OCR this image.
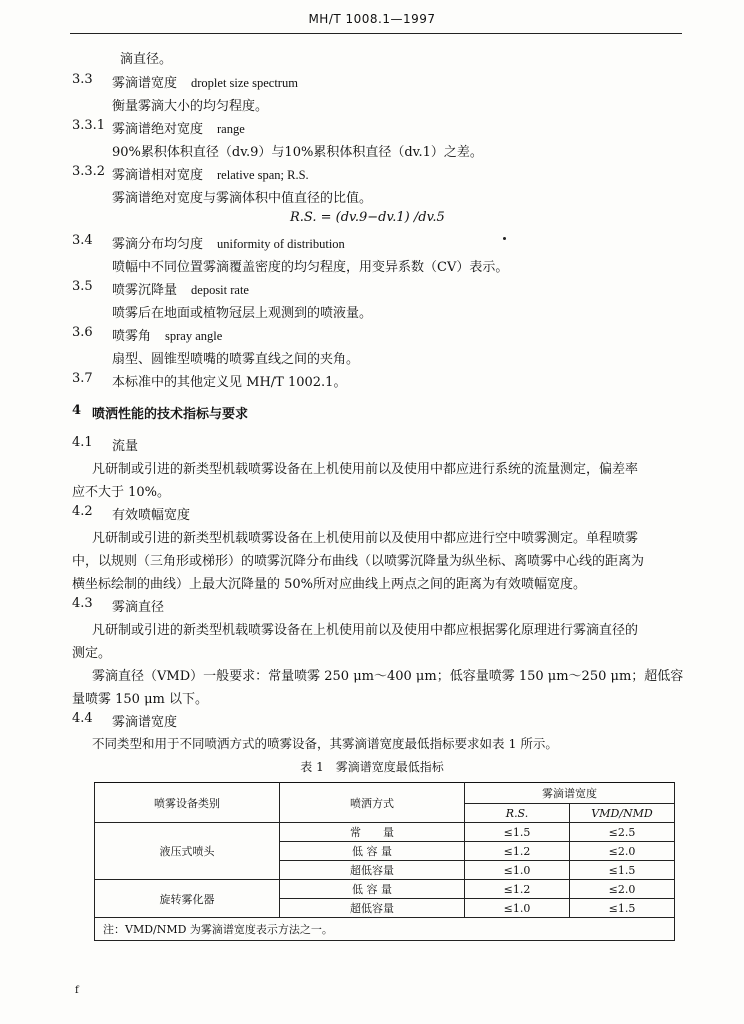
MH/T 1008.1—1997
滴直径。
3.3 雾滴谱宽度 droplet size spectrum
衡量雾滴大小的均匀程度。
3.3.1 雾滴谱绝对宽度 range
90%累积体积直径（dv.9）与10%累积体积直径（dv.1）之差。
3.3.2 雾滴谱相对宽度 relative span; R.S.
雾滴谱绝对宽度与雾滴体积中值直径的比值。
R.S. = (dv.9−dv.1) /dv.5
3.4 雾滴分布均匀度 uniformity of distribution
喷幅中不同位置雾滴覆盖密度的均匀程度，用变异系数（CV）表示。
3.5 喷雾沉降量 deposit rate
喷雾后在地面或植物冠层上观测到的喷液量。
3.6 喷雾角 spray angle
扇型、圆锥型喷嘴的喷雾直线之间的夹角。
3.7 本标准中的其他定义见 MH/T 1002.1。
4 喷洒性能的技术指标与要求
4.1 流量
凡研制或引进的新类型机载喷雾设备在上机使用前以及使用中都应进行系统的流量测定，偏差率
应不大于 10%。
4.2 有效喷幅宽度
凡研制或引进的新类型机载喷雾设备在上机使用前以及使用中都应进行空中喷雾测定。单程喷雾
中，以规则（三角形或梯形）的喷雾沉降分布曲线（以喷雾沉降量为纵坐标、离喷雾中心线的距离为
横坐标绘制的曲线）上最大沉降量的 50%所对应曲线上两点之间的距离为有效喷幅宽度。
4.3 雾滴直径
凡研制或引进的新类型机载喷雾设备在上机使用前以及使用中都应根据雾化原理进行雾滴直径的
测定。
雾滴直径（VMD）一般要求：常量喷雾 250 μm～400 μm；低容量喷雾 150 μm～250 μm；超低容
量喷雾 150 μm 以下。
4.4 雾滴谱宽度
不同类型和用于不同喷洒方式的喷雾设备，其雾滴谱宽度最低指标要求如表 1 所示。
表 1　雾滴谱宽度最低指标
喷雾设备类别	喷洒方式	雾滴谱宽度	
		R.S.	VMD/NMD
液压式喷头	常　　量	≤1.5	≤2.5
	低 容 量	≤1.2	≤2.0
	超低容量	≤1.0	≤1.5
旋转雾化器	低 容 量	≤1.2	≤2.0
	超低容量	≤1.0	≤1.5
注：VMD/NMD 为雾滴谱宽度表示方法之一。			
f
